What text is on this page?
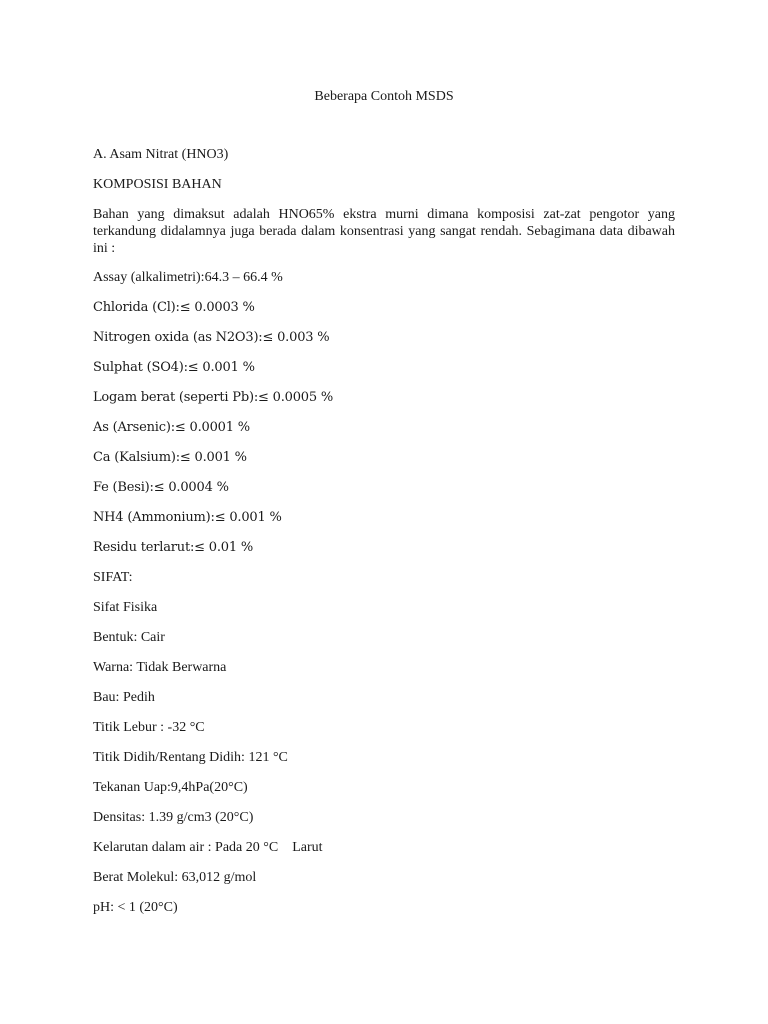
Beberapa Contoh MSDS

A. Asam Nitrat (HNO3)

KOMPOSISI BAHAN

Bahan yang dimaksut adalah HNO65% ekstra murni dimana komposisi zat-zat pengotor yang terkandung didalamnya juga berada dalam konsentrasi yang sangat rendah. Sebagimana data dibawah ini :

Assay (alkalimetri):64.3 – 66.4 %

Chlorida (Cl):≤ 0.0003 %

Nitrogen oxida (as N2O3):≤ 0.003 %

Sulphat (SO4):≤ 0.001 %

Logam berat (seperti Pb):≤ 0.0005 %

As (Arsenic):≤ 0.0001 %

Ca (Kalsium):≤ 0.001 %

Fe (Besi):≤ 0.0004 %

NH4 (Ammonium):≤ 0.001 %

Residu terlarut:≤ 0.01 %

SIFAT:

Sifat Fisika

Bentuk: Cair

Warna: Tidak Berwarna

Bau: Pedih

Titik Lebur : -32 °C

Titik Didih/Rentang Didih: 121 °C

Tekanan Uap:9,4hPa(20°C)

Densitas: 1.39 g/cm3 (20°C)

Kelarutan dalam air : Pada 20 °C    Larut

Berat Molekul: 63,012 g/mol

pH: < 1 (20°C)
